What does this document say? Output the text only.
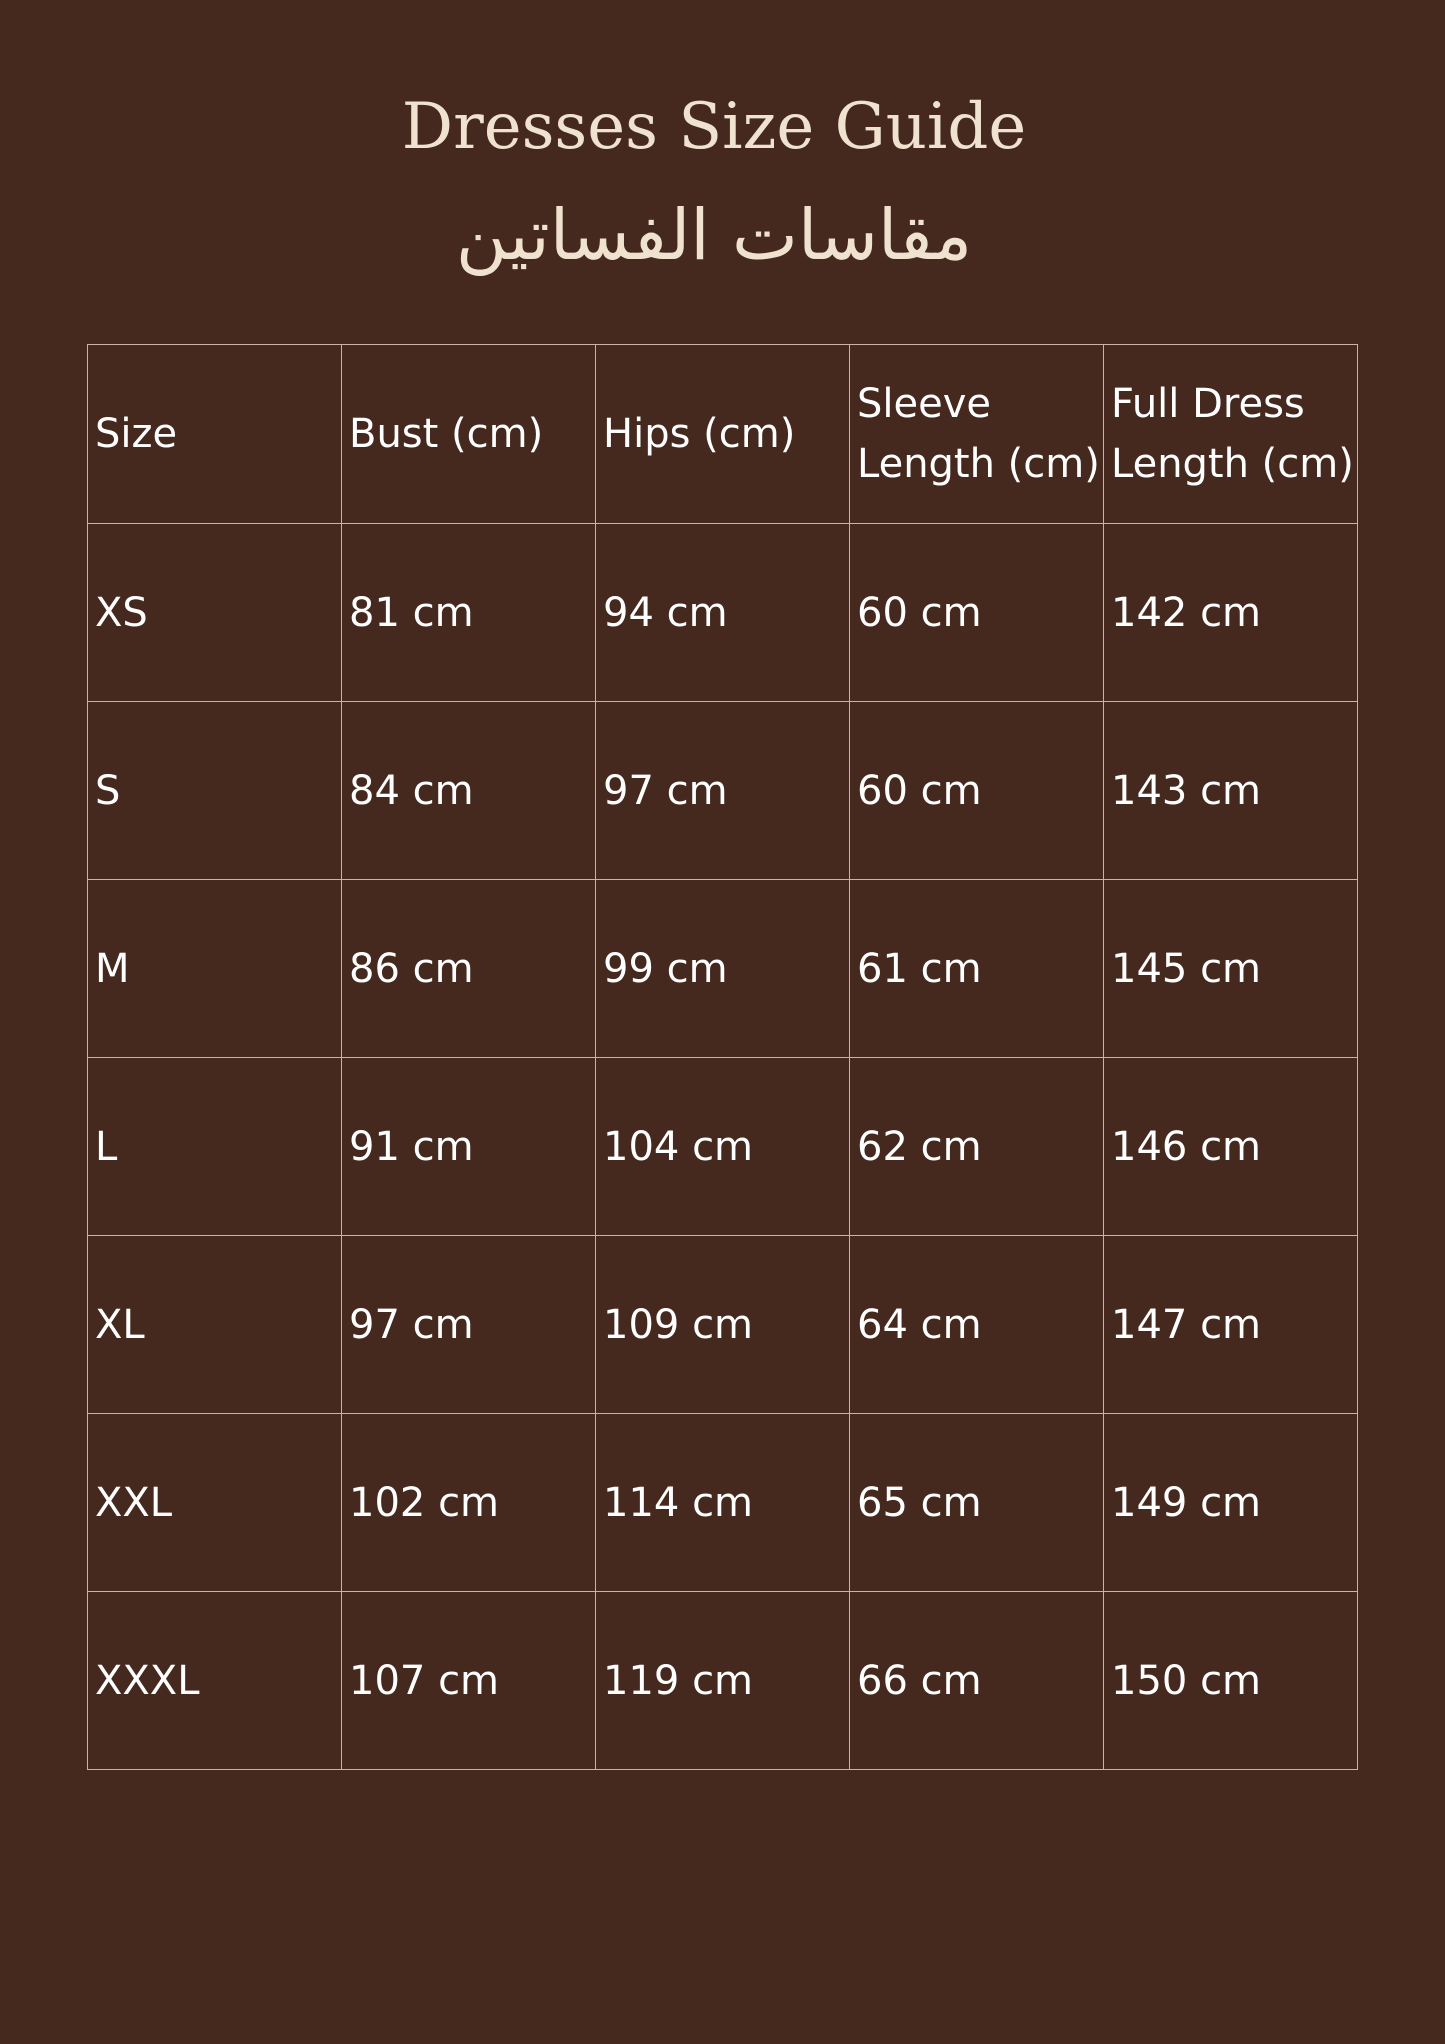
Dresses Size Guide
مقاسات الفساتين
Size	Bust (cm)	Hips (cm)	Sleeve Length (cm)	Full Dress Length (cm)

XS	81 cm	94 cm	60 cm	142 cm
S	84 cm	97 cm	60 cm	143 cm
M	86 cm	99 cm	61 cm	145 cm
L	91 cm	104 cm	62 cm	146 cm
XL	97 cm	109 cm	64 cm	147 cm
XXL	102 cm	114 cm	65 cm	149 cm
XXXL	107 cm	119 cm	66 cm	150 cm
